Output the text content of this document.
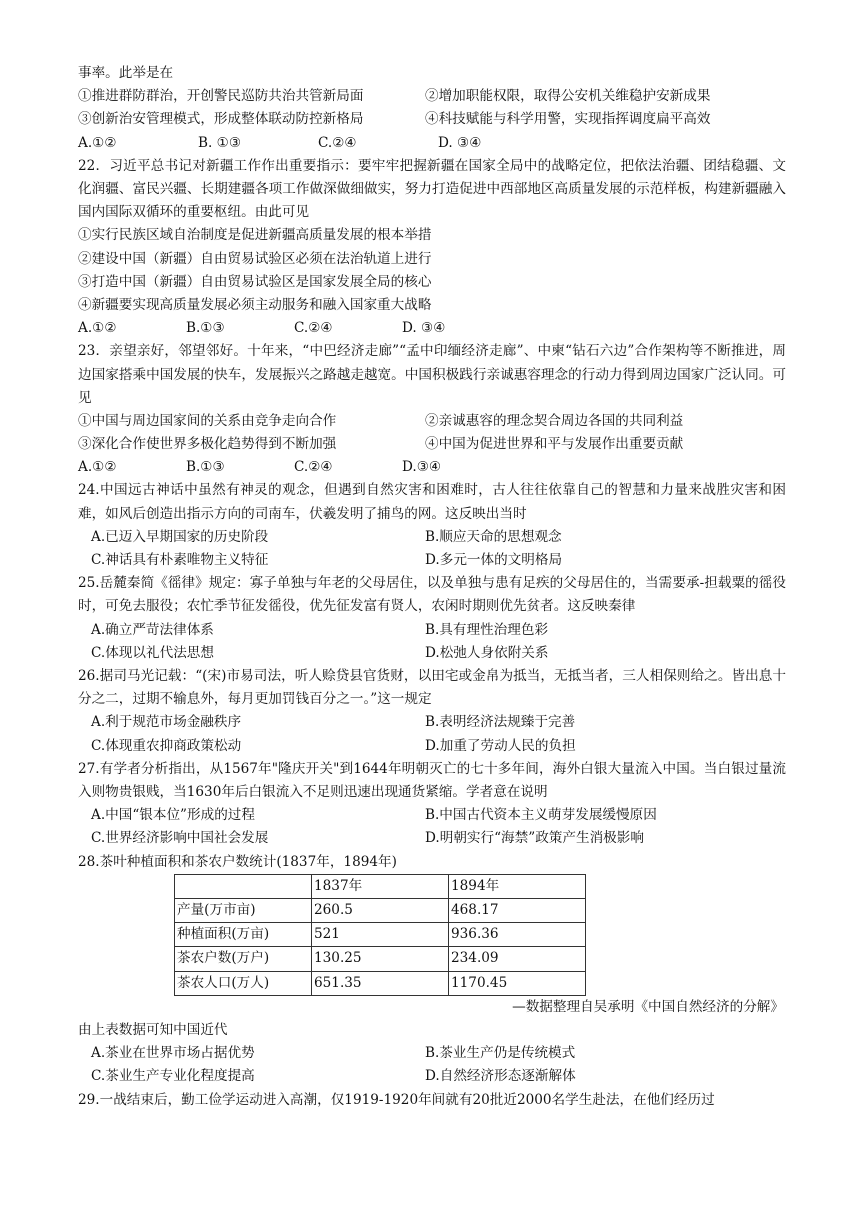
事率。此举是在
①推进群防群治，开创警民巡防共治共管新局面	②增加职能权限，取得公安机关维稳护安新成果
③创新治安管理模式，形成整体联动防控新格局	④科技赋能与科学用警，实现指挥调度扁平高效
A.①②	B. ①③	C.②④	D. ③④
22．习近平总书记对新疆工作作出重要指示：要牢牢把握新疆在国家全局中的战略定位，把依法治疆、团结稳疆、文化润疆、富民兴疆、长期建疆各项工作做深做细做实，努力打造促进中西部地区高质量发展的示范样板，构建新疆融入国内国际双循环的重要枢纽。由此可见
①实行民族区域自治制度是促进新疆高质量发展的根本举措
②建设中国（新疆）自由贸易试验区必须在法治轨道上进行
③打造中国（新疆）自由贸易试验区是国家发展全局的核心
④新疆要实现高质量发展必须主动服务和融入国家重大战略
A.①②	B.①③	C.②④	D. ③④
23．亲望亲好，邻望邻好。十年来，“中巴经济走廊”“孟中印缅经济走廊”、中柬“钻石六边”合作架构等不断推进，周边国家搭乘中国发展的快车，发展振兴之路越走越宽。中国积极践行亲诚惠容理念的行动力得到周边国家广泛认同。可见
①中国与周边国家间的关系由竞争走向合作	②亲诚惠容的理念契合周边各国的共同利益
③深化合作使世界多极化趋势得到不断加强	④中国为促进世界和平与发展作出重要贡献
A.①②	B.①③	C.②④	D.③④
24.中国远古神话中虽然有神灵的观念，但遇到自然灾害和困难时，古人往往依靠自己的智慧和力量来战胜灾害和困难，如风后创造出指示方向的司南车，伏羲发明了捕鸟的网。这反映出当时
A.已迈入早期国家的历史阶段	B.顺应天命的思想观念
C.神话具有朴素唯物主义特征	D.多元一体的文明格局
25.岳麓秦简《徭律》规定：寡子单独与年老的父母居住，以及单独与患有足疾的父母居住的，当需要承-担载粟的徭役时，可免去服役；农忙季节征发徭役，优先征发富有贤人，农闲时期则优先贫者。这反映秦律
A.确立严苛法律体系	B.具有理性治理色彩
C.体现以礼代法思想	D.松弛人身依附关系
26.据司马光记载：“(宋)市易司法，听人赊贷县官货财，以田宅或金帛为抵当，无抵当者，三人相保则给之。皆出息十分之二，过期不输息外，每月更加罚钱百分之一。”这一规定
A.利于规范市场金融秩序	B.表明经济法规臻于完善
C.体现重农抑商政策松动	D.加重了劳动人民的负担
27.有学者分析指出，从1567年"隆庆开关"到1644年明朝灭亡的七十多年间，海外白银大量流入中国。当白银过量流入则物贵银贱，当1630年后白银流入不足则迅速出现通货紧缩。学者意在说明
A.中国“银本位”形成的过程	B.中国古代资本主义萌芽发展缓慢原因
C.世界经济影响中国社会发展	D.明朝实行“海禁”政策产生消极影响
28.茶叶种植面积和茶农户数统计(1837年，1894年)
	1837年	1894年
产量(万市亩)	260.5	468.17
种植面积(万亩)	521	936.36
茶农户数(万户)	130.25	234.09
茶农人口(万人)	651.35	1170.45
—数据整理自吴承明《中国自然经济的分解》
由上表数据可知中国近代
A.茶业在世界市场占据优势	B.茶业生产仍是传统模式
C.茶业生产专业化程度提高	D.自然经济形态逐渐解体
29.一战结束后，勤工俭学运动进入高潮，仅1919-1920年间就有20批近2000名学生赴法，在他们经历过
